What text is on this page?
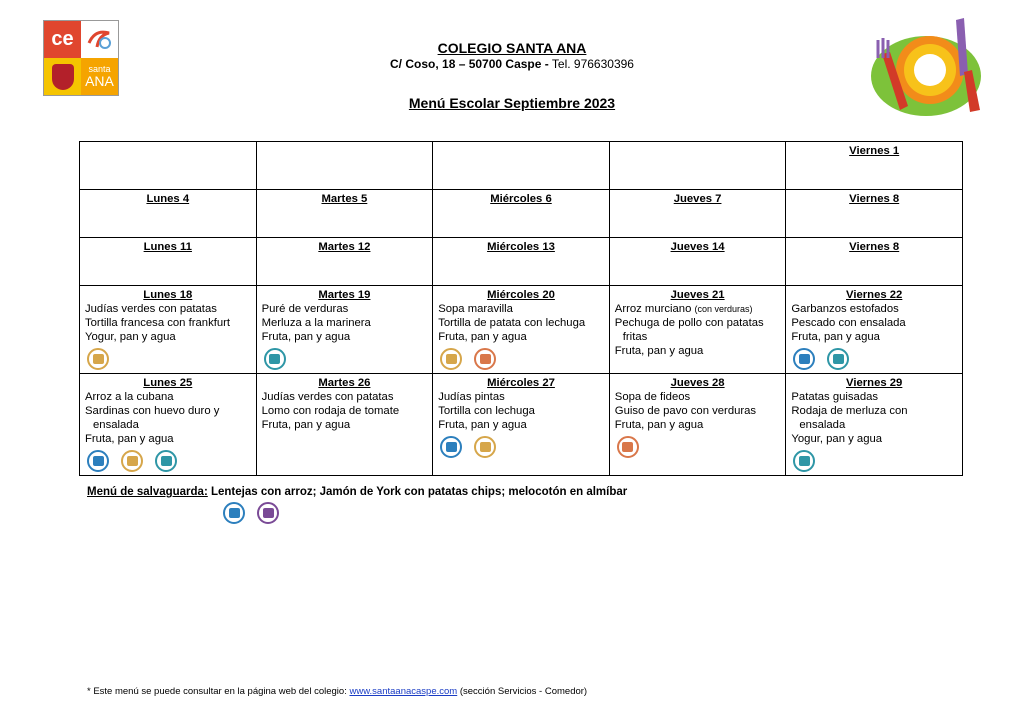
ce
santa
ANA
COLEGIO SANTA ANA
C/ Coso, 18 – 50700 Caspe - Tel. 976630396
Menú Escolar Septiembre 2023

				Viernes 1

Lunes 4	Martes 5	Miércoles 6	Jueves 7	Viernes 8

Lunes 11	Martes 12	Miércoles 13	Jueves 14	Viernes 8

Lunes 18
Judías verdes con patatas
Tortilla francesa con frankfurt
Yogur, pan y agua	Martes 19
Puré de verduras
Merluza a la marinera
Fruta, pan y agua	Miércoles 20
Sopa maravilla
Tortilla de patata con lechuga
Fruta, pan y agua	Jueves 21
Arroz murciano (con verduras)
Pechuga de pollo con patatas
fritas
Fruta, pan y agua	Viernes 22
Garbanzos estofados
Pescado con ensalada
Fruta, pan y agua

Lunes 25
Arroz a la cubana
Sardinas con huevo duro y
ensalada
Fruta, pan y agua	Martes 26
Judías verdes con patatas
Lomo con rodaja de tomate
Fruta, pan y agua	Miércoles 27
Judías pintas
Tortilla con lechuga
Fruta, pan y agua	Jueves 28
Sopa de fideos
Guiso de pavo con verduras
Fruta, pan y agua	Viernes 29
Patatas guisadas
Rodaja de merluza con
ensalada
Yogur, pan y agua
Menú de salvaguarda: Lentejas con arroz; Jamón de York con patatas chips; melocotón en almíbar
* Este menú se puede consultar en la página web del colegio: www.santaanacaspe.com (sección Servicios - Comedor)
